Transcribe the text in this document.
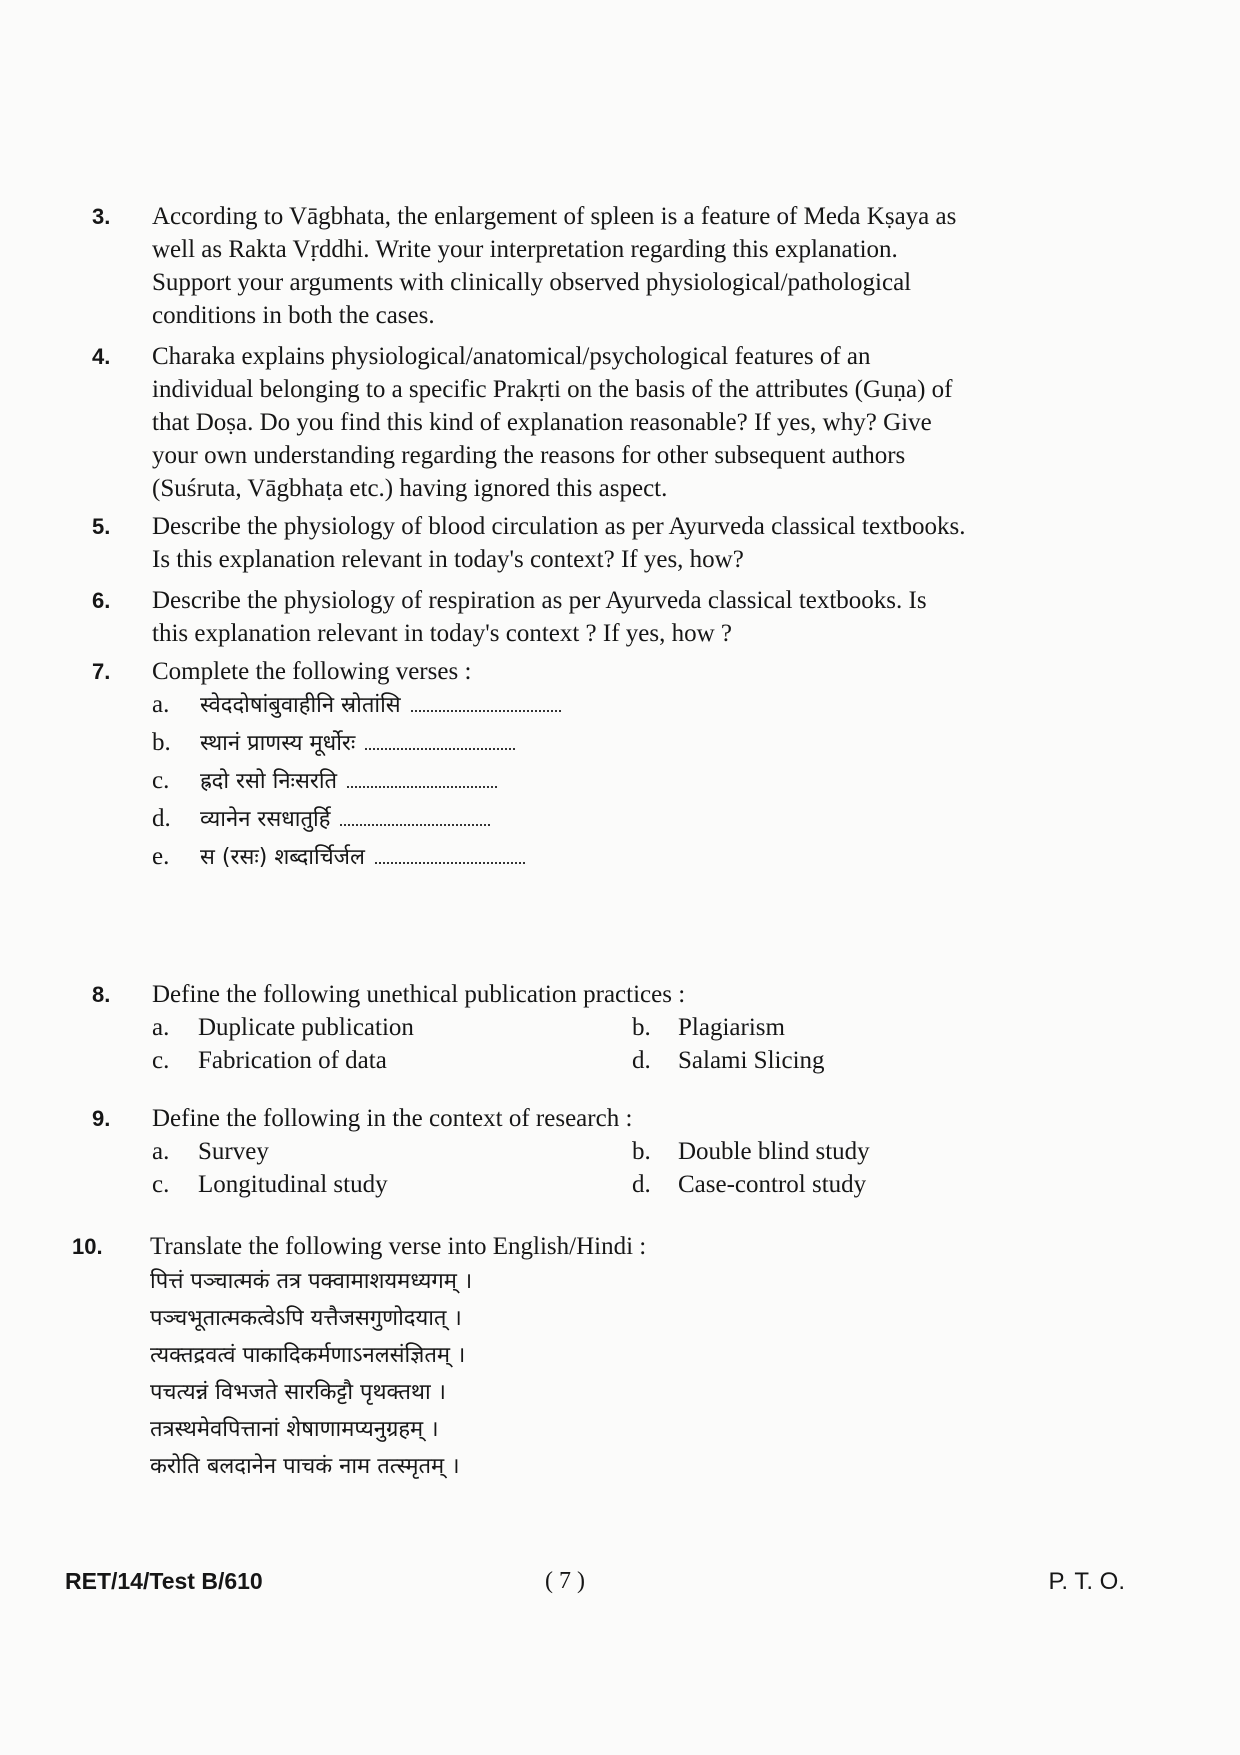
3.	According to Vāgbhata, the enlargement of spleen is a feature of Meda Kṣaya as

well as Rakta Vṛddhi. Write your interpretation regarding this explanation.

Support your arguments with clinically observed physiological/pathological

conditions in both the cases.

4.	Charaka explains physiological/anatomical/psychological features of an

individual belonging to a specific Prakṛti on the basis of the attributes (Guṇa) of

that Doṣa. Do you find this kind of explanation reasonable? If yes, why? Give

your own understanding regarding the reasons for other subsequent authors

(Suśruta, Vāgbhaṭa etc.) having ignored this aspect.

5.	Describe the physiology of blood circulation as per Ayurveda classical textbooks.

Is this explanation relevant in today's context? If yes, how?

6.	Describe the physiology of respiration as per Ayurveda classical textbooks. Is

this explanation relevant in today's context ? If yes, how ?

7.	Complete the following verses :

a.	स्वेददोषांबुवाहीनि स्रोतांसि
b.	स्थानं प्राणस्य मूर्धोरः
c.	ह्रदो रसो निःसरति
d.	व्यानेन रसधातुर्हि
e.	स (रसः) शब्दार्चिर्जल
8.	Define the following unethical publication practices :

a. Duplicate publication	b. Plagiarism
c. Fabrication of data	d. Salami Slicing
9.	Define the following in the context of research :

a. Survey	b. Double blind study
c. Longitudinal study	d. Case-control study
10.	Translate the following verse into English/Hindi :

पित्तं पञ्चात्मकं तत्र पक्वामाशयमध्यगम् ।
पञ्चभूतात्मकत्वेऽपि यत्तैजसगुणोदयात् ।
त्यक्तद्रवत्वं पाकादिकर्मणाऽनलसंज्ञितम् ।
पचत्यन्नं विभजते सारकिट्टौ पृथक्तथा ।
तत्रस्थमेवपित्तानां शेषाणामप्यनुग्रहम् ।
करोति बलदानेन पाचकं नाम तत्स्मृतम् ।
RET/14/Test B/610	( 7 )	P. T. O.
